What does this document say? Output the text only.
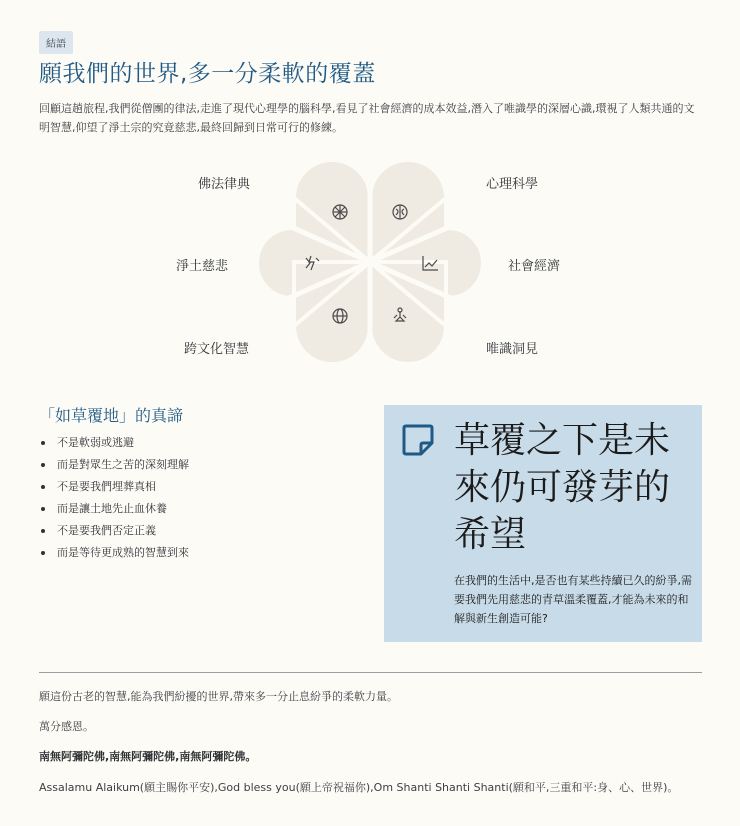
結語
願我們的世界,多一分柔軟的覆蓋

回顧這趟旅程,我們從僧團的律法,走進了現代心理學的腦科學,看見了社會經濟的成本效益,潛入了唯識學的深層心識,環視了人類共通的文明智慧,仰望了淨土宗的究竟慈悲,最終回歸到日常可行的修練。

佛法律典	心理科學
淨土慈悲	社會經濟
跨文化智慧	唯識洞見
「如草覆地」的真諦
不是軟弱或逃避
而是對眾生之苦的深刻理解
不是要我們埋葬真相
而是讓土地先止血休養
不是要我們否定正義
而是等待更成熟的智慧到來
草覆之下是未來仍可發芽的希望

在我們的生活中,是否也有某些持續已久的紛爭,需要我們先用慈悲的青草溫柔覆蓋,才能為未來的和解與新生創造可能?

願這份古老的智慧,能為我們紛擾的世界,帶來多一分止息紛爭的柔軟力量。

萬分感恩。

南無阿彌陀佛,南無阿彌陀佛,南無阿彌陀佛。

Assalamu Alaikum(願主賜你平安),God bless you(願上帝祝福你),Om Shanti Shanti Shanti(願和平,三重和平:身、心、世界)。
